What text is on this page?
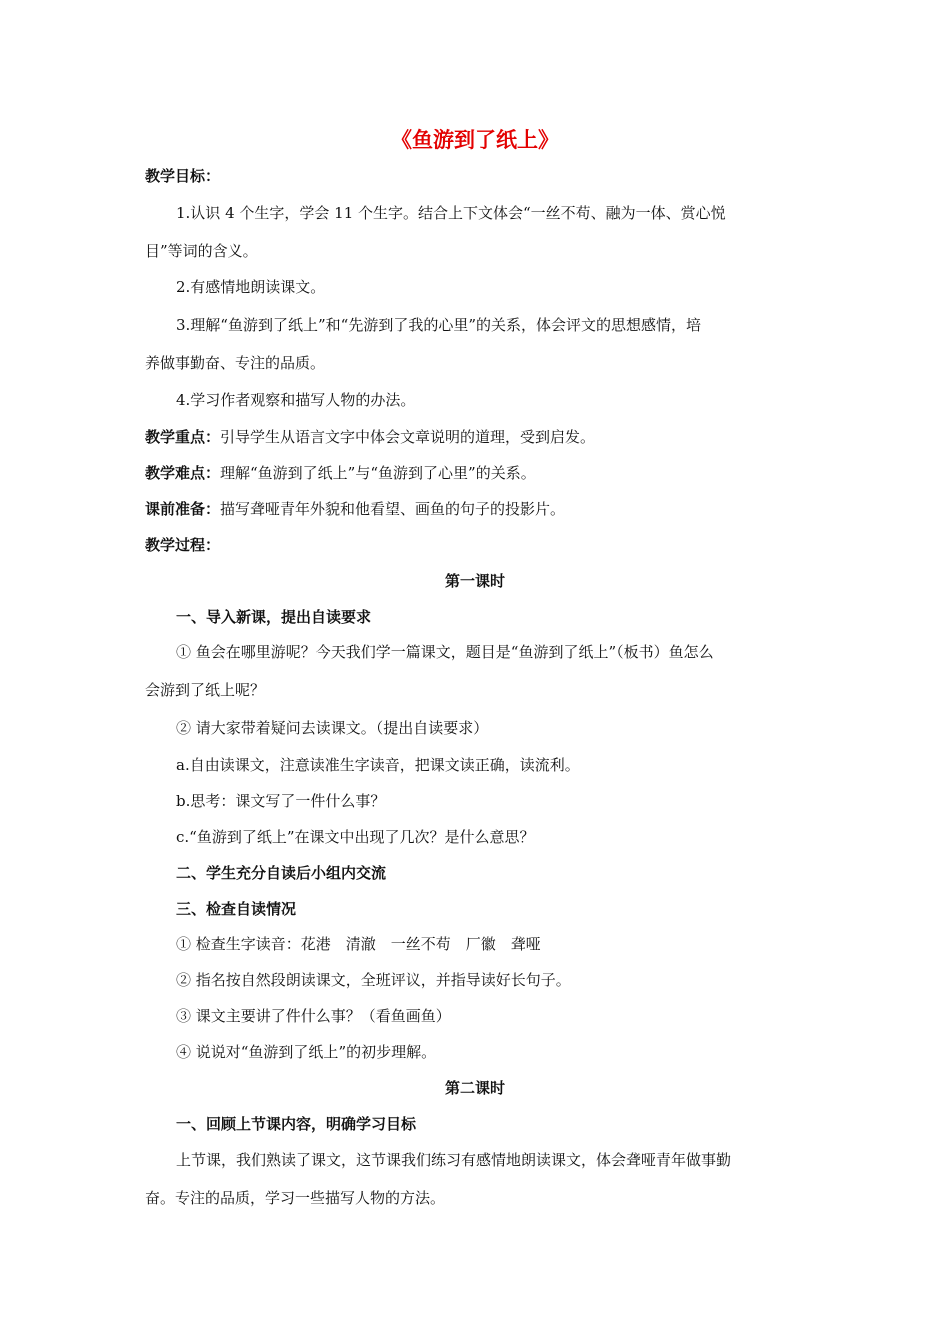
《鱼游到了纸上》
教学目标：
1.认识 4 个生字，学会 11 个生字。结合上下文体会“一丝不苟、融为一体、赏心悦
目”等词的含义。
2.有感情地朗读课文。
3.理解“鱼游到了纸上”和“先游到了我的心里”的关系，体会评文的思想感情，培
养做事勤奋、专注的品质。
4.学习作者观察和描写人物的办法。
教学重点：引导学生从语言文字中体会文章说明的道理，受到启发。
教学难点：理解“鱼游到了纸上”与“鱼游到了心里”的关系。
课前准备：描写聋哑青年外貌和他看望、画鱼的句子的投影片。
教学过程：
第一课时
一、导入新课，提出自读要求
① 鱼会在哪里游呢？今天我们学一篇课文，题目是“鱼游到了纸上”（板书）鱼怎么
会游到了纸上呢？
② 请大家带着疑问去读课文。（提出自读要求）
a.自由读课文，注意读准生字读音，把课文读正确，读流利。
b.思考：课文写了一件什么事？
c.“鱼游到了纸上”在课文中出现了几次？是什么意思？
二、学生充分自读后小组内交流
三、检查自读情况
① 检查生字读音：花港　清澈　一丝不苟　厂徽　聋哑
② 指名按自然段朗读课文，全班评议，并指导读好长句子。
③ 课文主要讲了件什么事？（看鱼画鱼）
④ 说说对“鱼游到了纸上”的初步理解。
第二课时
一、回顾上节课内容，明确学习目标
上节课，我们熟读了课文，这节课我们练习有感情地朗读课文，体会聋哑青年做事勤
奋。专注的品质，学习一些描写人物的方法。
